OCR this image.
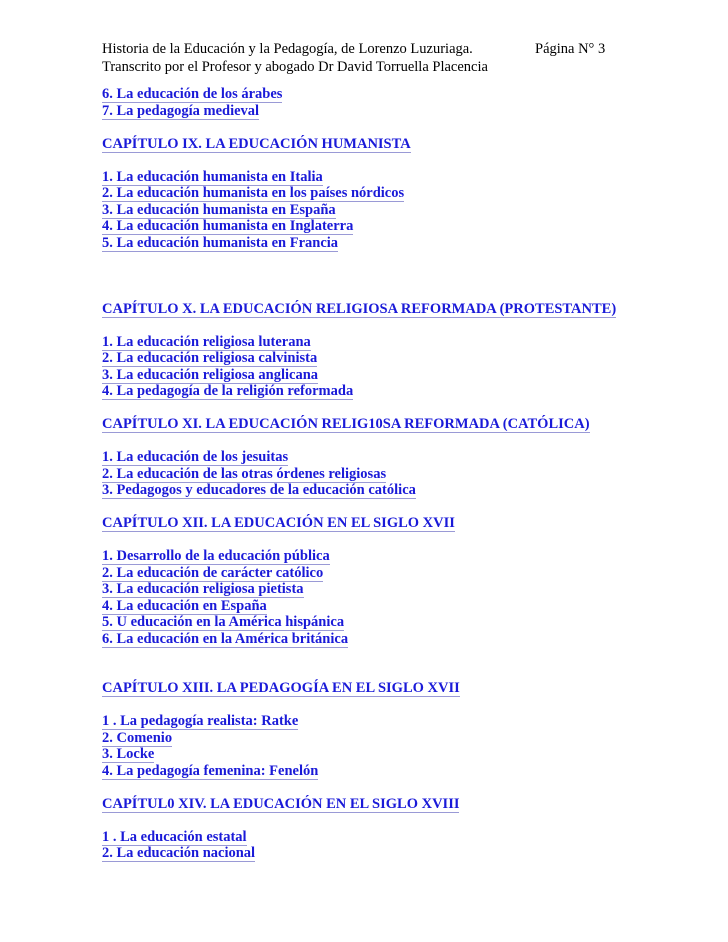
Historia de la Educación y la Pedagogía, de Lorenzo Luzuriaga.	Página N° 3
Transcrito por el Profesor y abogado Dr David Torruella Placencia
6. La educación de los árabes
7. La pedagogía medieval
CAPÍTULO IX. LA EDUCACIÓN HUMANISTA
1. La educación humanista en Italia
2. La educación humanista en los países nórdicos
3. La educación humanista en España
4. La educación humanista en Inglaterra
5. La educación humanista en Francia
CAPÍTULO X. LA EDUCACIÓN RELIGIOSA REFORMADA (PROTESTANTE)
1. La educación religiosa luterana
2. La educación religiosa calvinista
3. La educación religiosa anglicana
4. La pedagogía de la religión reformada
CAPÍTULO XI. LA EDUCACIÓN RELIG10SA REFORMADA (CATÓLICA)
1. La educación de los jesuitas
2. La educación de las otras órdenes religiosas
3. Pedagogos y educadores de la educación católica
CAPÍTULO XII. LA EDUCACIÓN EN EL SIGLO XVII
1. Desarrollo de la educación pública
2. La educación de carácter católico
3. La educación religiosa pietista
4. La educación en España
5. U educación en la América hispánica
6. La educación en la América británica
CAPÍTULO XIII. LA PEDAGOGÍA EN EL SIGLO XVII
1 . La pedagogía realista: Ratke
2. Comenio
3. Locke
4. La pedagogía femenina: Fenelón
CAPÍTUL0 XIV. LA EDUCACIÓN EN EL SIGLO XVIII
1 . La educación estatal
2. La educación nacional
